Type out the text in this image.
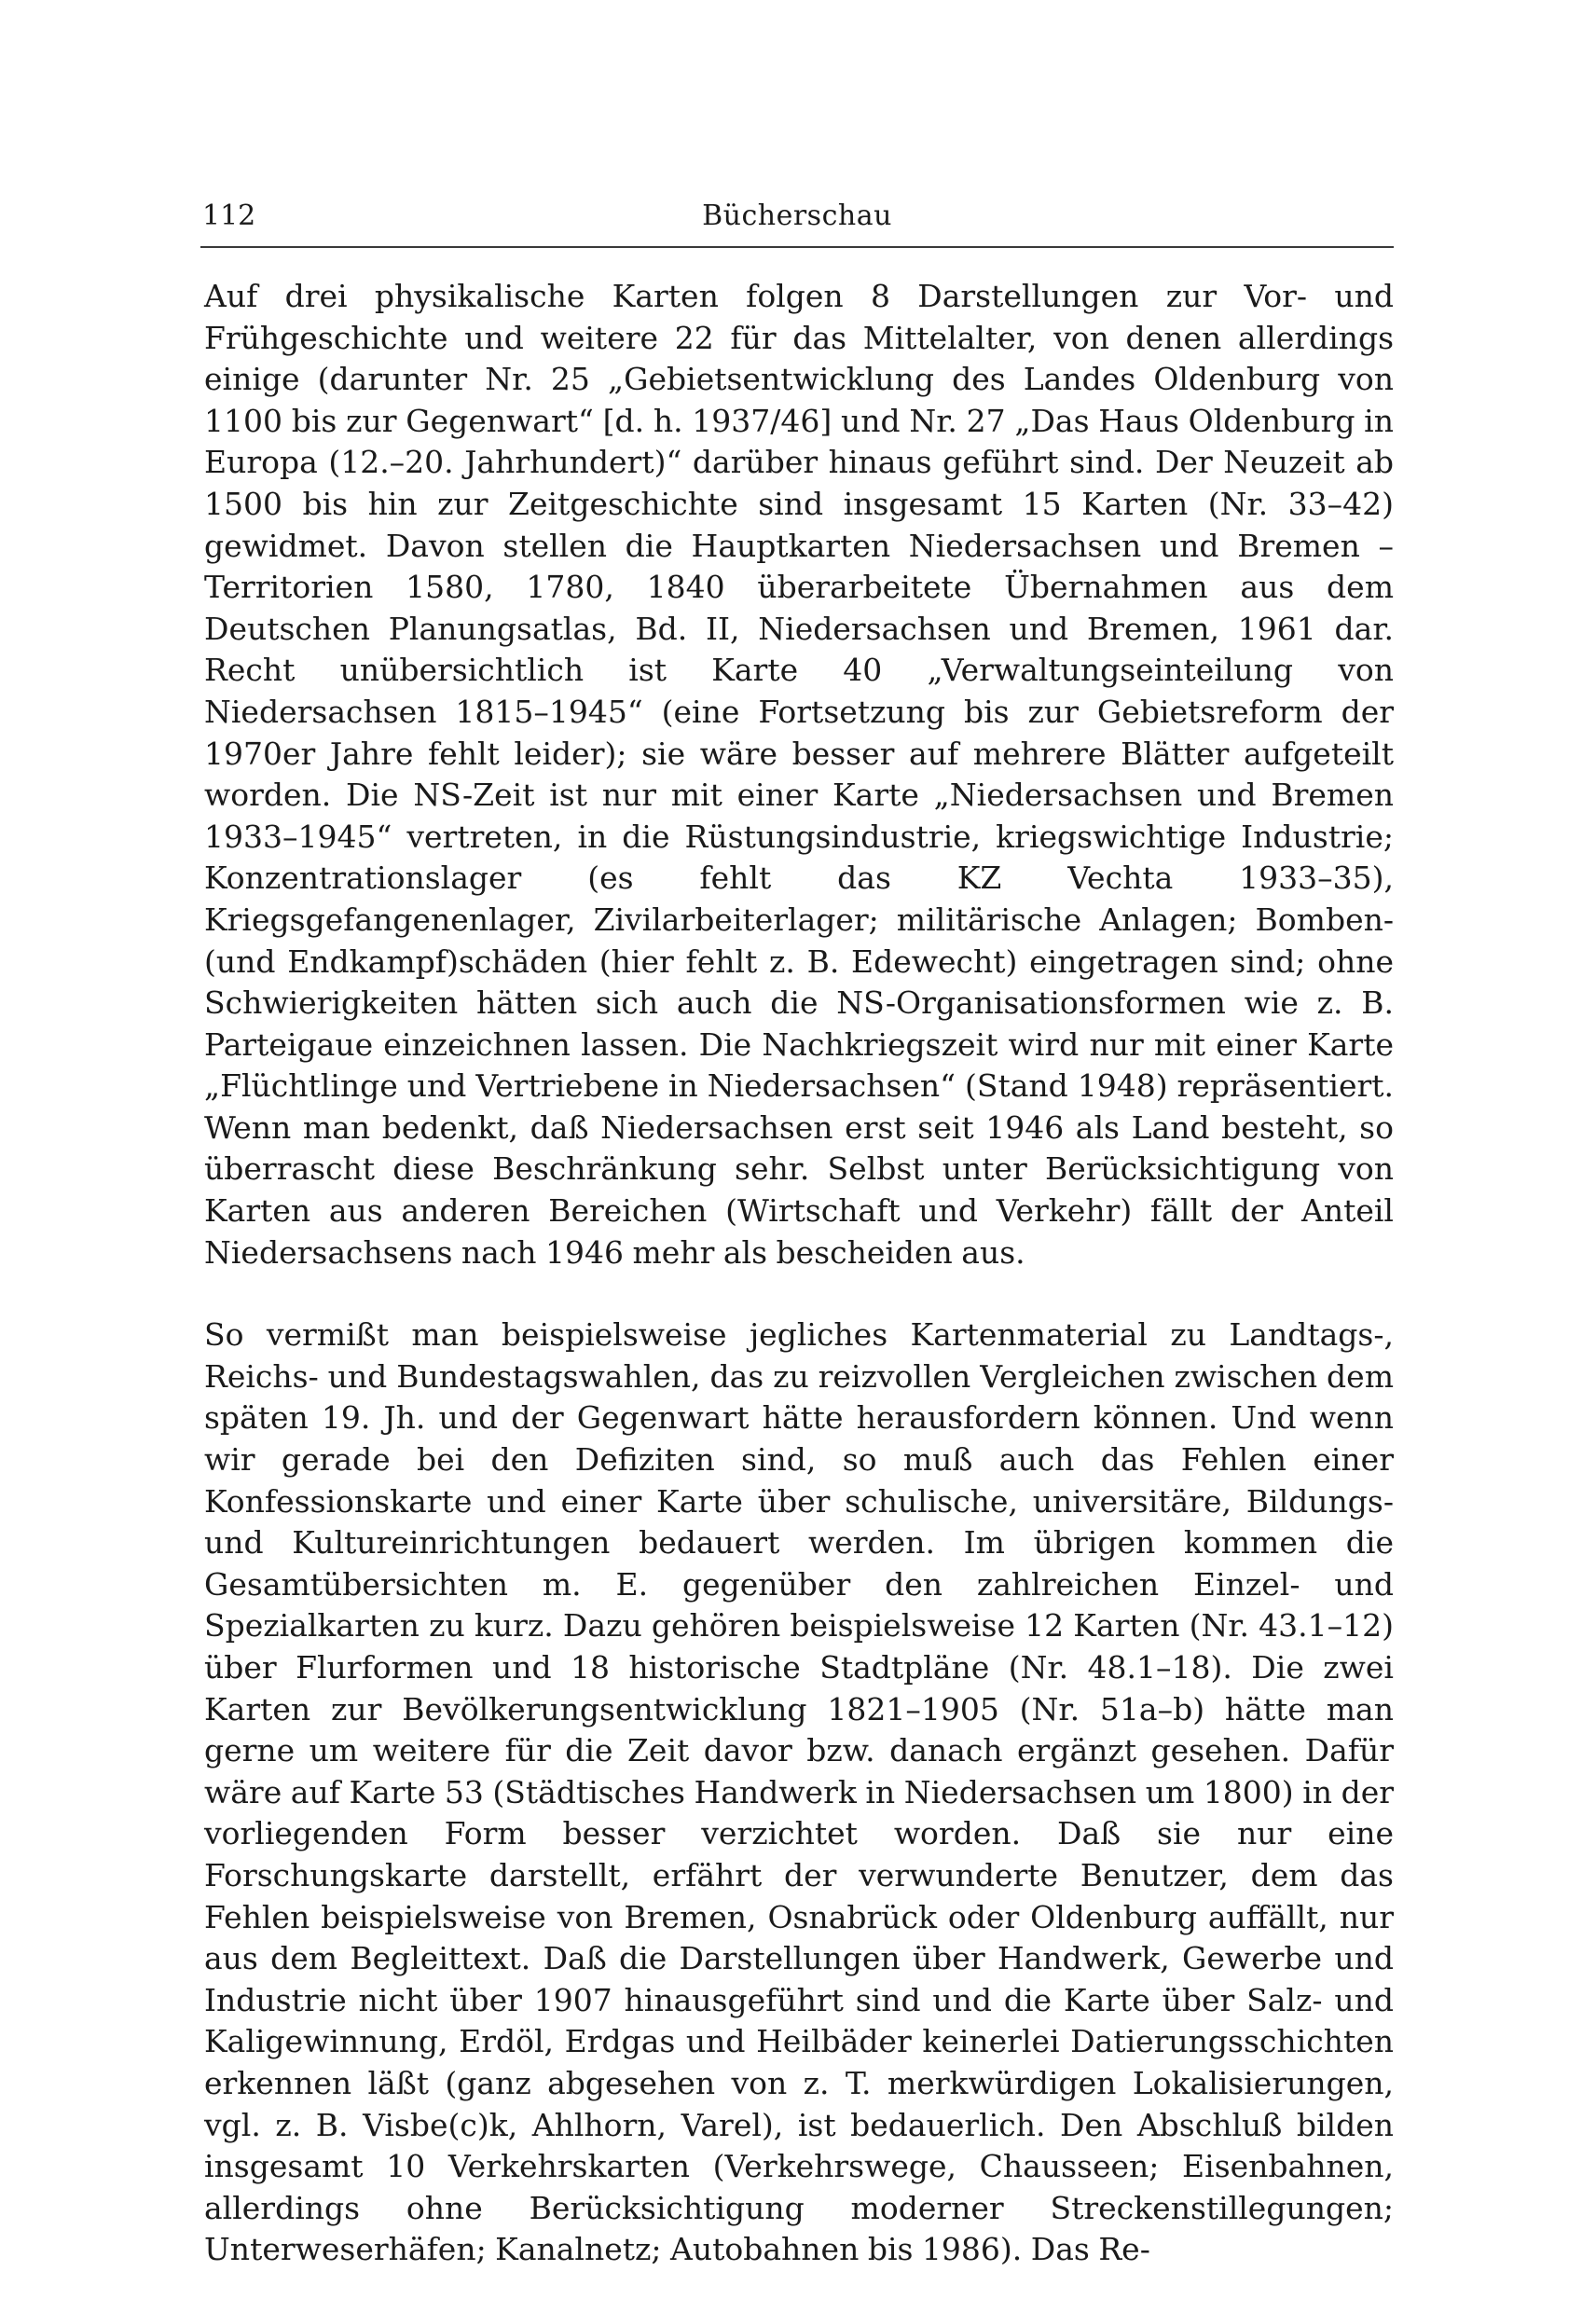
112	Bücherschau

Auf drei physikalische Karten folgen 8 Darstellungen zur Vor- und Frühgeschichte und weitere 22 für das Mittelalter, von denen allerdings einige (darunter Nr. 25 „Gebietsentwicklung des Landes Oldenburg von 1100 bis zur Gegenwart“ [d. h. 1937/46] und Nr. 27 „Das Haus Oldenburg in Europa (12.–20. Jahrhundert)“ darüber hinaus geführt sind. Der Neuzeit ab 1500 bis hin zur Zeitgeschichte sind insgesamt 15 Karten (Nr. 33–42) gewidmet. Davon stellen die Hauptkarten Niedersachsen und Bremen – Territorien 1580, 1780, 1840 überarbeitete Übernahmen aus dem Deutschen Planungsatlas, Bd. II, Niedersachsen und Bremen, 1961 dar. Recht unübersichtlich ist Karte 40 „Verwaltungseinteilung von Niedersachsen 1815–1945“ (eine Fortsetzung bis zur Gebietsreform der 1970er Jahre fehlt leider); sie wäre besser auf mehrere Blätter aufgeteilt worden. Die NS-Zeit ist nur mit einer Karte „Niedersachsen und Bremen 1933–1945“ vertreten, in die Rüstungsindustrie, kriegswichtige Industrie; Konzentrationslager (es fehlt das KZ Vechta 1933–35), Kriegsgefangenenlager, Zivilarbeiterlager; militärische Anlagen; Bomben- (und Endkampf)schäden (hier fehlt z. B. Edewecht) eingetragen sind; ohne Schwierigkeiten hätten sich auch die NS-Organisationsformen wie z. B. Parteigaue einzeichnen lassen. Die Nachkriegszeit wird nur mit einer Karte „Flüchtlinge und Vertriebene in Niedersachsen“ (Stand 1948) repräsentiert. Wenn man bedenkt, daß Niedersachsen erst seit 1946 als Land besteht, so überrascht diese Beschränkung sehr. Selbst unter Berücksichtigung von Karten aus anderen Bereichen (Wirtschaft und Verkehr) fällt der Anteil Niedersachsens nach 1946 mehr als bescheiden aus.

So vermißt man beispielsweise jegliches Kartenmaterial zu Landtags-, Reichs- und Bundestagswahlen, das zu reizvollen Vergleichen zwischen dem späten 19. Jh. und der Gegenwart hätte herausfordern können. Und wenn wir gerade bei den Defiziten sind, so muß auch das Fehlen einer Konfessionskarte und einer Karte über schulische, universitäre, Bildungs- und Kultureinrichtungen bedauert werden. Im übrigen kommen die Gesamtübersichten m. E. gegenüber den zahlreichen Einzel- und Spezialkarten zu kurz. Dazu gehören beispielsweise 12 Karten (Nr. 43.1–12) über Flurformen und 18 historische Stadtpläne (Nr. 48.1–18). Die zwei Karten zur Bevölkerungsentwicklung 1821–1905 (Nr. 51a–b) hätte man gerne um weitere für die Zeit davor bzw. danach ergänzt gesehen. Dafür wäre auf Karte 53 (Städtisches Handwerk in Niedersachsen um 1800) in der vorliegenden Form besser verzichtet worden. Daß sie nur eine Forschungskarte darstellt, erfährt der verwunderte Benutzer, dem das Fehlen beispielsweise von Bremen, Osnabrück oder Oldenburg auffällt, nur aus dem Begleittext. Daß die Darstellungen über Handwerk, Gewerbe und Industrie nicht über 1907 hinausgeführt sind und die Karte über Salz- und Kaligewinnung, Erdöl, Erdgas und Heilbäder keinerlei Datierungsschichten erkennen läßt (ganz abgesehen von z. T. merkwürdigen Lokalisierungen, vgl. z. B. Visbe(c)k, Ahlhorn, Varel), ist bedauerlich. Den Abschluß bilden insgesamt 10 Verkehrskarten (Verkehrswege, Chausseen; Eisenbahnen, allerdings ohne Berücksichtigung moderner Streckenstillegungen; Unterweserhäfen; Kanalnetz; Autobahnen bis 1986). Das Re-
